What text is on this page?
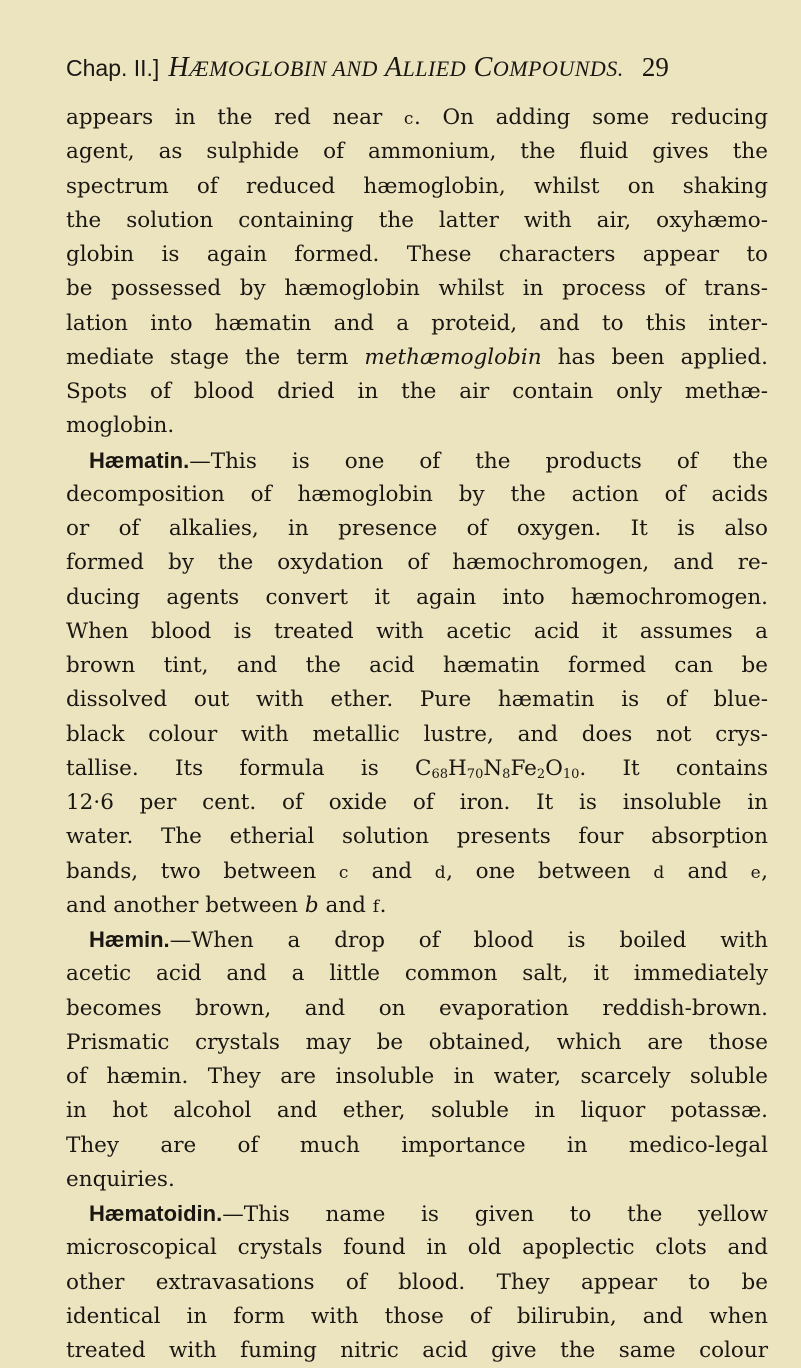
Chap. II.] HÆMOGLOBIN AND ALLIED COMPOUNDS. 29
appears in the red near c. On adding some reducing
agent, as sulphide of ammonium, the fluid gives the
spectrum of reduced hæmoglobin, whilst on shaking
the solution containing the latter with air, oxyhæmo-
globin is again formed. These characters appear to
be possessed by hæmoglobin whilst in process of trans-
lation into hæmatin and a proteid, and to this inter-
mediate stage the term methæmoglobin has been applied.
Spots of blood dried in the air contain only methæ-
moglobin.
Hæmatin.—This is one of the products of the
decomposition of hæmoglobin by the action of acids
or of alkalies, in presence of oxygen. It is also
formed by the oxydation of hæmochromogen, and re-
ducing agents convert it again into hæmochromogen.
When blood is treated with acetic acid it assumes a
brown tint, and the acid hæmatin formed can be
dissolved out with ether. Pure hæmatin is of blue-
black colour with metallic lustre, and does not crys-
tallise. Its formula is $C_{68}H_{70}N_8Fe_2O_{10}$. It contains
12·6 per cent. of oxide of iron. It is insoluble in
water. The etherial solution presents four absorption
bands, two between c and d, one between d and e,
and another between b and f.
Hæmin.—When a drop of blood is boiled with
acetic acid and a little common salt, it immediately
becomes brown, and on evaporation reddish-brown.
Prismatic crystals may be obtained, which are those
of hæmin. They are insoluble in water, scarcely soluble
in hot alcohol and ether, soluble in liquor potassæ.
They are of much importance in medico-legal
enquiries.
Hæmatoidin.—This name is given to the yellow
microscopical crystals found in old apoplectic clots and
other extravasations of blood. They appear to be
identical in form with those of bilirubin, and when
treated with fuming nitric acid give the same colour
